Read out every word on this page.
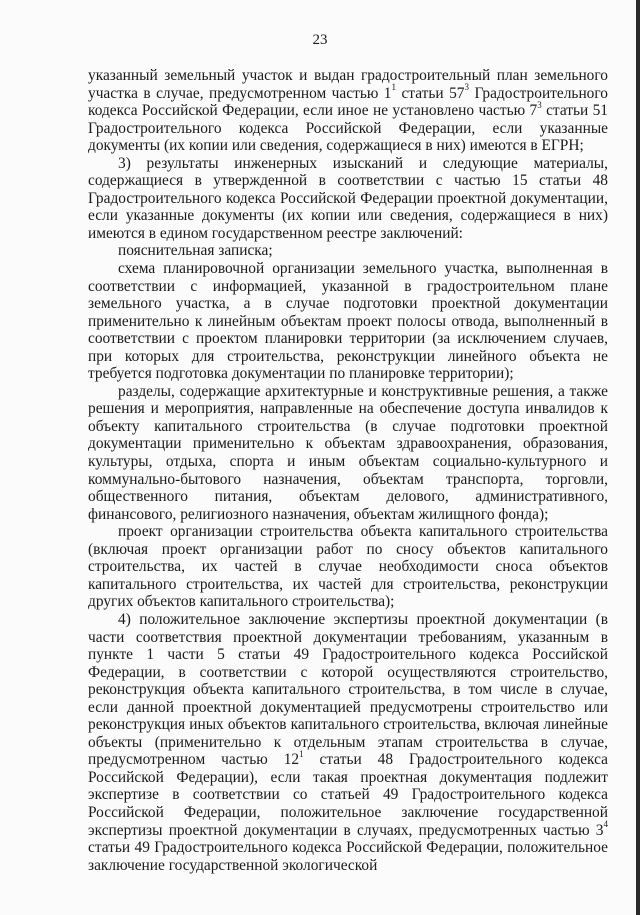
23

указанный земельный участок и выдан градостроительный план земельного участка в случае, предусмотренном частью $1^1$ статьи $57^3$ Градостроительного кодекса Российской Федерации, если иное не установлено частью $7^3$ статьи 51 Градостроительного кодекса Российской Федерации, если указанные документы (их копии или сведения, содержащиеся в них) имеются в ЕГРН;

3) результаты инженерных изысканий и следующие материалы, содержащиеся в утвержденной в соответствии с частью 15 статьи 48 Градостроительного кодекса Российской Федерации проектной документации, если указанные документы (их копии или сведения, содержащиеся в них) имеются в едином государственном реестре заключений:

пояснительная записка;

схема планировочной организации земельного участка, выполненная в соответствии с информацией, указанной в градостроительном плане земельного участка, а в случае подготовки проектной документации применительно к линейным объектам проект полосы отвода, выполненный в соответствии с проектом планировки территории (за исключением случаев, при которых для строительства, реконструкции линейного объекта не требуется подготовка документации по планировке территории);

разделы, содержащие архитектурные и конструктивные решения, а также решения и мероприятия, направленные на обеспечение доступа инвалидов к объекту капитального строительства (в случае подготовки проектной документации применительно к объектам здравоохранения, образования, культуры, отдыха, спорта и иным объектам социально-культурного и коммунально-бытового назначения, объектам транспорта, торговли, общественного питания, объектам делового, административного, финансового, религиозного назначения, объектам жилищного фонда);

проект организации строительства объекта капитального строительства (включая проект организации работ по сносу объектов капитального строительства, их частей в случае необходимости сноса объектов капитального строительства, их частей для строительства, реконструкции других объектов капитального строительства);

4) положительное заключение экспертизы проектной документации (в части соответствия проектной документации требованиям, указанным в пункте 1 части 5 статьи 49 Градостроительного кодекса Российской Федерации, в соответствии с которой осуществляются строительство, реконструкция объекта капитального строительства, в том числе в случае, если данной проектной документацией предусмотрены строительство или реконструкция иных объектов капитального строительства, включая линейные объекты (применительно к отдельным этапам строительства в случае, предусмотренном частью $12^1$ статьи 48 Градостроительного кодекса Российской Федерации), если такая проектная документация подлежит экспертизе в соответствии со статьей 49 Градостроительного кодекса Российской Федерации, положительное заключение государственной экспертизы проектной документации в случаях, предусмотренных частью $3^4$ статьи 49 Градостроительного кодекса Российской Федерации, положительное заключение государственной экологической
